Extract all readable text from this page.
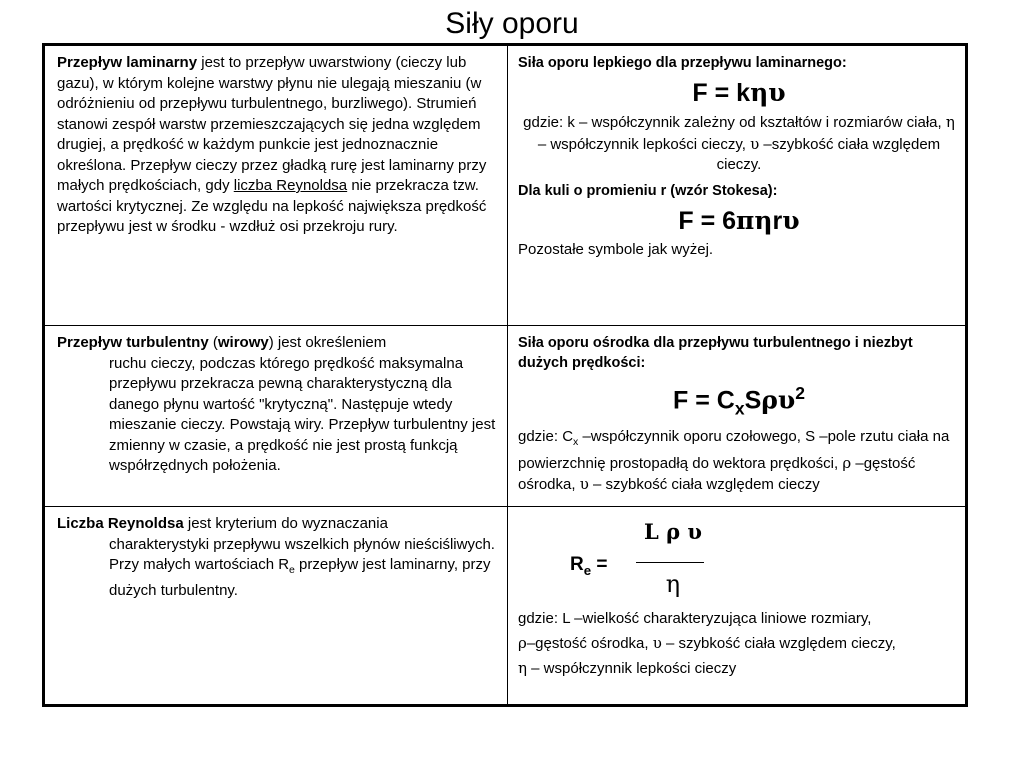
Siły oporu
Przepływ laminarny jest to przepływ uwarstwiony (cieczy lub gazu), w którym kolejne warstwy płynu nie ulegają mieszaniu (w odróżnieniu od przepływu turbulentnego, burzliwego). Strumień stanowi zespół warstw przemieszczających się jedna względem drugiej, a prędkość w każdym punkcie jest jednoznacznie określona. Przepływ cieczy przez gładką rurę jest laminarny przy małych prędkościach, gdy liczba Reynoldsa nie przekracza tzw. wartości krytycznej. Ze względu na lepkość największa prędkość przepływu jest w środku - wzdłuż osi przekroju rury.
Siła oporu lepkiego dla przepływu laminarnego:
F = kηυ
gdzie: k – współczynnik zależny od kształtów i rozmiarów ciała, η – współczynnik lepkości cieczy, υ –szybkość ciała względem cieczy.
Dla kuli o promieniu r (wzór Stokesa):
F = 6πηrυ
Pozostałe symbole jak wyżej.
Przepływ turbulentny (wirowy) jest określeniem
ruchu cieczy, podczas którego prędkość maksymalna przepływu przekracza pewną charakterystyczną dla danego płynu wartość "krytyczną". Następuje wtedy mieszanie cieczy. Powstają wiry. Przepływ turbulentny jest zmienny w czasie, a prędkość nie jest prostą funkcją współrzędnych położenia.
Siła oporu ośrodka dla przepływu turbulentnego i niezbyt dużych prędkości:
$F = C_xS\rho\upsilon^2$
gdzie: $C_x$ –współczynnik oporu czołowego, S –pole rzutu ciała na powierzchnię prostopadłą do wektora prędkości, ρ –gęstość ośrodka, υ – szybkość ciała względem cieczy
Liczba Reynoldsa jest kryterium do wyznaczania
charakterystyki przepływu wszelkich płynów nieściśliwych. Przy małych wartościach $R_e$ przepływ jest laminarny, przy dużych turbulentny.
$R_e$ =
L ρ υ
η
gdzie: L –wielkość charakteryzująca liniowe rozmiary,
ρ–gęstość ośrodka, υ – szybkość ciała względem cieczy,
η – współczynnik lepkości cieczy
